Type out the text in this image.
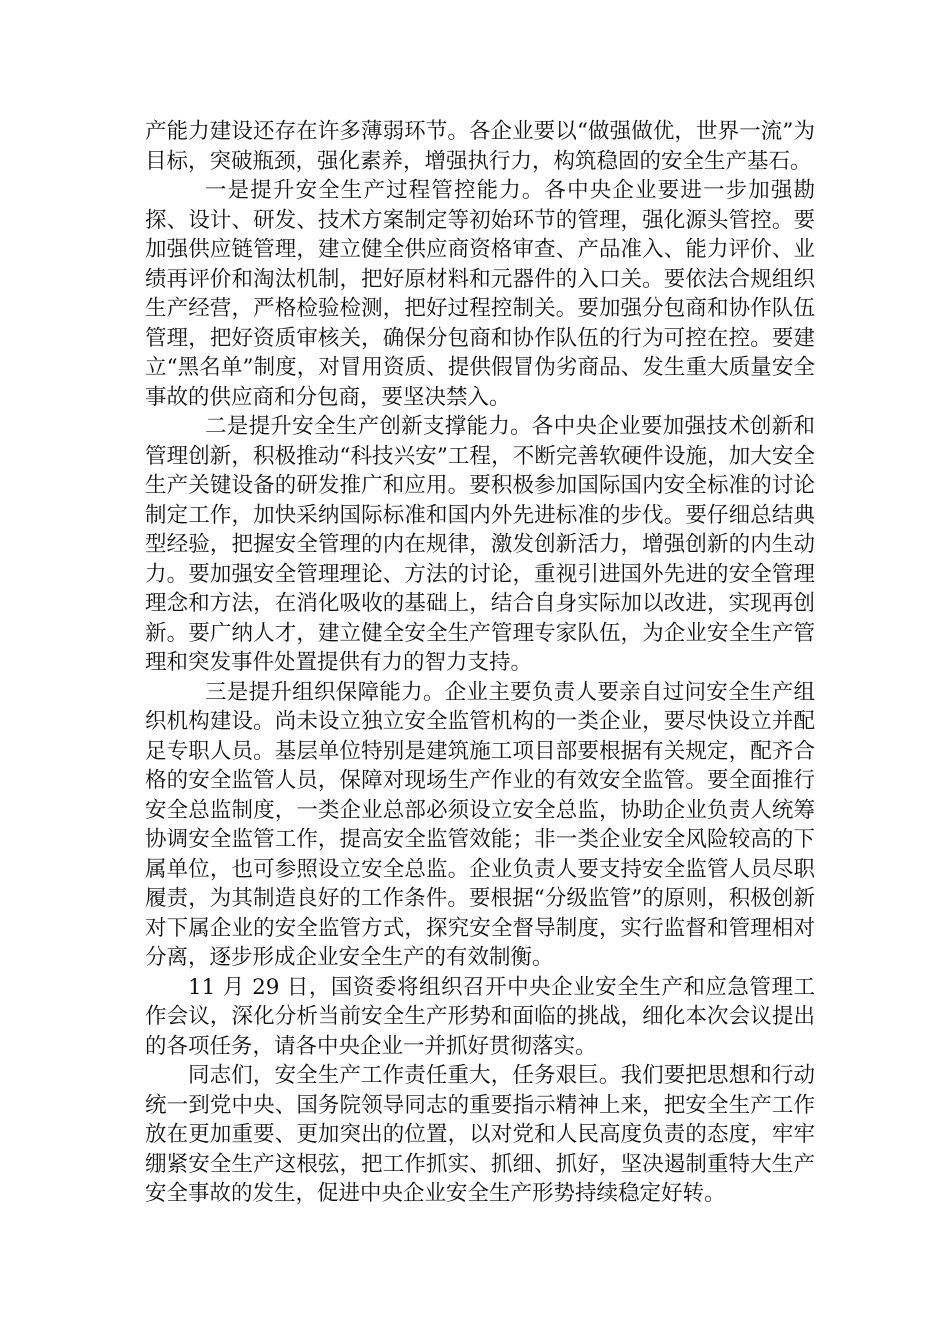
产能力建设还存在许多薄弱环节。各企业要以“做强做优，世界一流”为目标，突破瓶颈，强化素养，增强执行力，构筑稳固的安全生产基石。

一是提升安全生产过程管控能力。各中央企业要进一步加强勘探、设计、研发、技术方案制定等初始环节的管理，强化源头管控。要加强供应链管理，建立健全供应商资格审查、产品准入、能力评价、业绩再评价和淘汰机制，把好原材料和元器件的入口关。要依法合规组织生产经营，严格检验检测，把好过程控制关。要加强分包商和协作队伍管理，把好资质审核关，确保分包商和协作队伍的行为可控在控。要建立“黑名单”制度，对冒用资质、提供假冒伪劣商品、发生重大质量安全事故的供应商和分包商，要坚决禁入。

二是提升安全生产创新支撑能力。各中央企业要加强技术创新和管理创新，积极推动“科技兴安”工程，不断完善软硬件设施，加大安全生产关键设备的研发推广和应用。要积极参加国际国内安全标准的讨论制定工作，加快采纳国际标准和国内外先进标准的步伐。要仔细总结典型经验，把握安全管理的内在规律，激发创新活力，增强创新的内生动力。要加强安全管理理论、方法的讨论，重视引进国外先进的安全管理理念和方法，在消化吸收的基础上，结合自身实际加以改进，实现再创新。要广纳人才，建立健全安全生产管理专家队伍，为企业安全生产管理和突发事件处置提供有力的智力支持。

三是提升组织保障能力。企业主要负责人要亲自过问安全生产组织机构建设。尚未设立独立安全监管机构的一类企业，要尽快设立并配足专职人员。基层单位特别是建筑施工项目部要根据有关规定，配齐合格的安全监管人员，保障对现场生产作业的有效安全监管。要全面推行安全总监制度，一类企业总部必须设立安全总监，协助企业负责人统筹协调安全监管工作，提高安全监管效能；非一类企业安全风险较高的下属单位，也可参照设立安全总监。企业负责人要支持安全监管人员尽职履责，为其制造良好的工作条件。要根据“分级监管”的原则，积极创新对下属企业的安全监管方式，探究安全督导制度，实行监督和管理相对分离，逐步形成企业安全生产的有效制衡。

11 月 29 日，国资委将组织召开中央企业安全生产和应急管理工作会议，深化分析当前安全生产形势和面临的挑战，细化本次会议提出的各项任务，请各中央企业一并抓好贯彻落实。

同志们，安全生产工作责任重大，任务艰巨。我们要把思想和行动统一到党中央、国务院领导同志的重要指示精神上来，把安全生产工作放在更加重要、更加突出的位置，以对党和人民高度负责的态度，牢牢绷紧安全生产这根弦，把工作抓实、抓细、抓好，坚决遏制重特大生产安全事故的发生，促进中央企业安全生产形势持续稳定好转。
